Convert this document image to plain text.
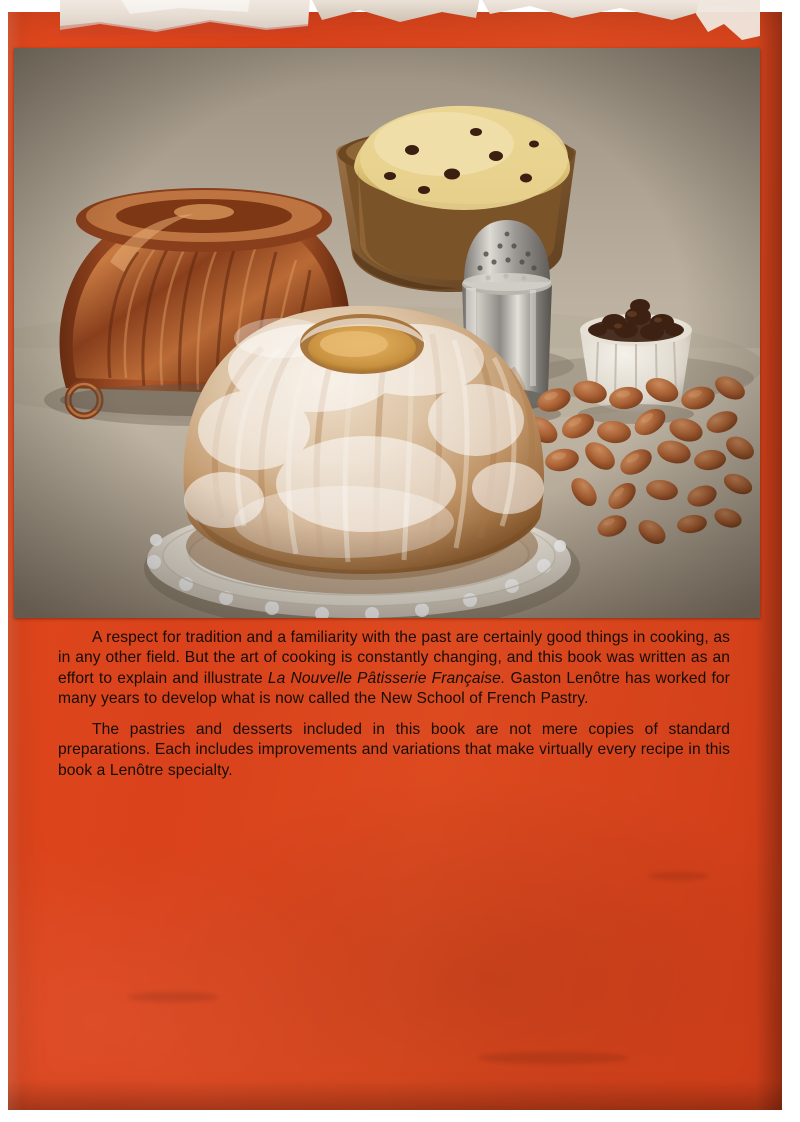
A respect for tradition and a familiarity with the past are certainly good things in cooking, as in any other field. But the art of cooking is constantly changing, and this book was written as an effort to explain and illustrate La Nouvelle Pâtisserie Française. Gaston Lenôtre has worked for many years to develop what is now called the New School of French Pastry.

The pastries and desserts included in this book are not mere copies of standard preparations. Each includes improvements and variations that make virtually every recipe in this book a Lenôtre specialty.
